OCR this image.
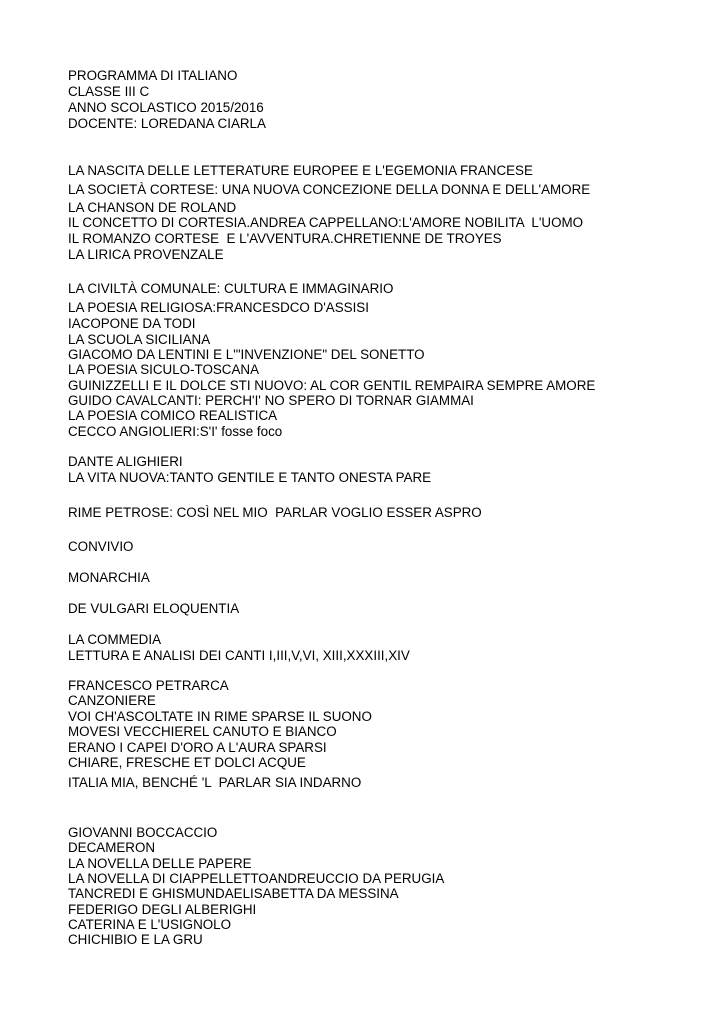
PROGRAMMA DI ITALIANO

CLASSE III C

ANNO SCOLASTICO 2015/2016

DOCENTE: LOREDANA CIARLA

LA NASCITA DELLE LETTERATURE EUROPEE E L'EGEMONIA FRANCESE

LA SOCIETÀ CORTESE: UNA NUOVA CONCEZIONE DELLA DONNA E DELL'AMORE

LA CHANSON DE ROLAND

IL CONCETTO DI CORTESIA.ANDREA CAPPELLANO:L'AMORE NOBILITA  L'UOMO

IL ROMANZO CORTESE  E L'AVVENTURA.CHRETIENNE DE TROYES

LA LIRICA PROVENZALE

LA CIVILTÀ COMUNALE: CULTURA E IMMAGINARIO

LA POESIA RELIGIOSA:FRANCESDCO D'ASSISI

IACOPONE DA TODI

LA SCUOLA SICILIANA

GIACOMO DA LENTINI E L'"INVENZIONE" DEL SONETTO

LA POESIA SICULO-TOSCANA

GUINIZZELLI E IL DOLCE STI NUOVO: AL COR GENTIL REMPAIRA SEMPRE AMORE

GUIDO CAVALCANTI: PERCH'I' NO SPERO DI TORNAR GIAMMAI

LA POESIA COMICO REALISTICA

CECCO ANGIOLIERI:S'I' fosse foco

DANTE ALIGHIERI

LA VITA NUOVA:TANTO GENTILE E TANTO ONESTA PARE

RIME PETROSE: COSÌ NEL MIO  PARLAR VOGLIO ESSER ASPRO

CONVIVIO

MONARCHIA

DE VULGARI ELOQUENTIA

LA COMMEDIA

LETTURA E ANALISI DEI CANTI I,III,V,VI, XIII,XXXIII,XIV

FRANCESCO PETRARCA

CANZONIERE

VOI CH'ASCOLTATE IN RIME SPARSE IL SUONO

MOVESI VECCHIEREL CANUTO E BIANCO

ERANO I CAPEI D'ORO A L'AURA SPARSI

CHIARE, FRESCHE ET DOLCI ACQUE

ITALIA MIA, BENCHÉ 'L  PARLAR SIA INDARNO

GIOVANNI BOCCACCIO

DECAMERON

LA NOVELLA DELLE PAPERE

LA NOVELLA DI CIAPPELLETTOANDREUCCIO DA PERUGIA

TANCREDI E GHISMUNDAELISABETTA DA MESSINA

FEDERIGO DEGLI ALBERIGHI

CATERINA E L'USIGNOLO

CHICHIBIO E LA GRU
